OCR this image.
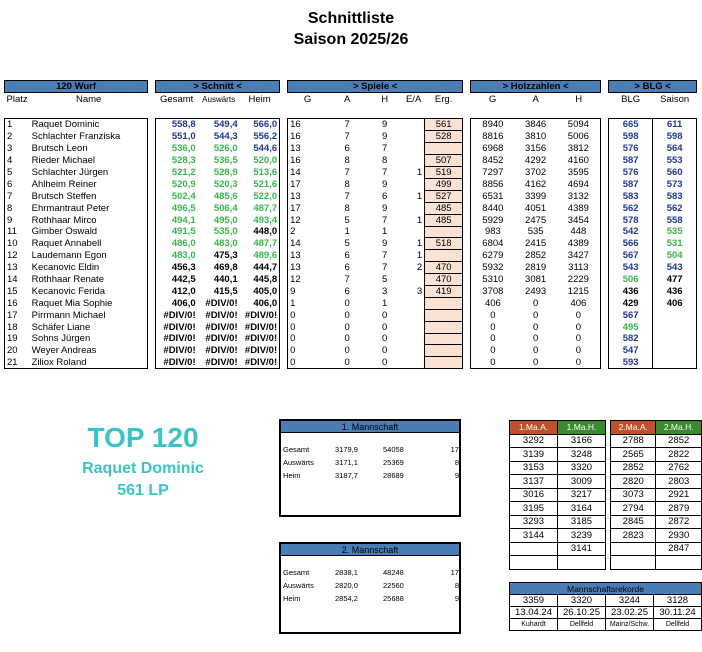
Schnittliste
Saison 2025/26
120 Wurf			> Schnitt <				> Spiele <						> Holzzahlen <				> BLG <	
Platz	Name		Gesamt	Auswärts	Heim		G	A	H	E/A	Erg.		G	A	H		BLG	Saison

1	Raquet Dominic		558,8	549,4	566,0		16	7	9		561		8940	3846	5094		665	611
2	Schlachter Franziska		551,0	544,3	556,2		16	7	9		528		8816	3810	5006		598	598
3	Brutsch Leon		536,0	526,0	544,6		13	6	7				6968	3156	3812		576	564
4	Rieder Michael		528,3	536,5	520,0		16	8	8		507		8452	4292	4160		587	553
5	Schlachter Jürgen		521,2	528,9	513,6		14	7	7	1	519		7297	3702	3595		576	560
6	Ahlheim Reiner		520,9	520,3	521,6		17	8	9		499		8856	4162	4694		587	573
7	Brutsch Steffen		502,4	485,6	522,0		13	7	6	1	527		6531	3399	3132		583	583
8	Ehrmantraut Peter		496,5	506,4	487,7		17	8	9		485		8440	4051	4389		562	562
9	Rothhaar Mirco		494,1	495,0	493,4		12	5	7	1	485		5929	2475	3454		578	558
11	Gimber Oswald		491,5	535,0	448,0		2	1	1				983	535	448		542	535
10	Raquet Annabell		486,0	483,0	487,7		14	5	9	1	518		6804	2415	4389		566	531
12	Laudemann Egon		483,0	475,3	489,6		13	6	7	1			6279	2852	3427		567	504
13	Kecanovic Eldin		456,3	469,8	444,7		13	6	7	2	470		5932	2819	3113		543	543
14	Rothhaar Renate		442,5	440,1	445,8		12	7	5		470		5310	3081	2229		506	477
15	Kecanovic Ferida		412,0	415,5	405,0		9	6	3	3	419		3708	2493	1215		436	436
16	Raquet Mia Sophie		406,0	#DIV/0!	406,0		1	0	1				406	0	406		429	406
17	Pirrmann Michael		#DIV/0!	#DIV/0!	#DIV/0!		0	0	0				0	0	0		567	
18	Schäfer Liane		#DIV/0!	#DIV/0!	#DIV/0!		0	0	0				0	0	0		495	
19	Sohns Jürgen		#DIV/0!	#DIV/0!	#DIV/0!		0	0	0				0	0	0		582	
20	Weyer Andreas		#DIV/0!	#DIV/0!	#DIV/0!		0	0	0				0	0	0		547	
21	Ziliox Roland		#DIV/0!	#DIV/0!	#DIV/0!		0	0	0				0	0	0		593	
TOP 120
Raquet Dominic
561 LP
1. Mannschaft
Gesamt	3179,9	54058	17
Auswärts	3171,1	25369	8
Heim	3187,7	28689	9
2. Mannschaft
Gesamt	2838,1	48248	17
Auswärts	2820,0	22560	8
Heim	2854,2	25688	9
1.Ma.A.	1.Ma.H.
3292	3166
3139	3248
3153	3320
3137	3009
3016	3217
3195	3164
3293	3185
3144	3239
	3141

2.Ma.A.	2.Ma.H.
2788	2852
2565	2822
2852	2762
2820	2803
3073	2921
2794	2879
2845	2872
2823	2930
	2847

Mannschaftsrekorde			
3359	3320	3244	3128
13.04.24	26.10.25	23.02.25	30.11.24
Kuhardt	Dellfeld	Mainz/Schw.	Dellfeld
